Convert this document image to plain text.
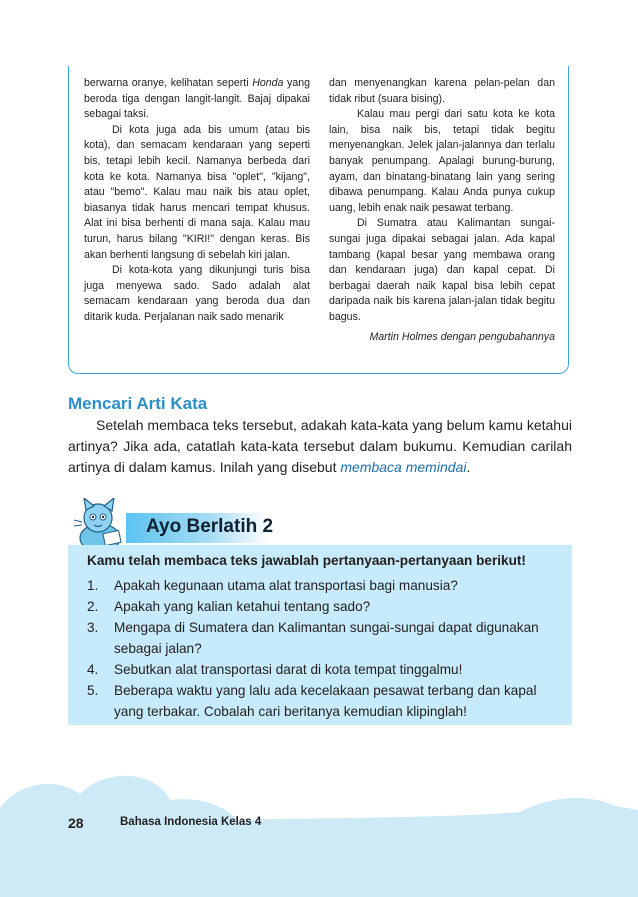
berwarna oranye, kelihatan seperti Honda yang beroda tiga dengan langit-langit. Bajaj dipakai sebagai taksi.

Di kota juga ada bis umum (atau bis kota), dan semacam kendaraan yang seperti bis, tetapi lebih kecil. Namanya berbeda dari kota ke kota. Namanya bisa "oplet", "kijang", atau "bemo". Kalau mau naik bis atau oplet, biasanya tidak harus mencari tempat khusus. Alat ini bisa berhenti di mana saja. Kalau mau turun, harus bilang "KIRI!" dengan keras. Bis akan berhenti langsung di sebelah kiri jalan.

Di kota-kota yang dikunjungi turis bisa juga menyewa sado. Sado adalah alat semacam kendaraan yang beroda dua dan ditarik kuda. Perjalanan naik sado menarik

dan menyenangkan karena pelan-pelan dan tidak ribut (suara bising).

Kalau mau pergi dari satu kota ke kota lain, bisa naik bis, tetapi tidak begitu menyenangkan. Jelek jalan-jalannya dan terlalu banyak penumpang. Apalagi burung-burung, ayam, dan binatang-binatang lain yang sering dibawa penumpang. Kalau Anda punya cukup uang, lebih enak naik pesawat terbang.

Di Sumatra atau Kalimantan sungai-sungai juga dipakai sebagai jalan. Ada kapal tambang (kapal besar yang membawa orang dan kendaraan juga) dan kapal cepat. Di berbagai daerah naik kapal bisa lebih cepat daripada naik bis karena jalan-jalan tidak begitu bagus.

Martin Holmes dengan pengubahannya

Mencari Arti Kata

Setelah membaca teks tersebut, adakah kata-kata yang belum kamu ketahui artinya? Jika ada, catatlah kata-kata tersebut dalam bukumu. Kemudian carilah artinya di dalam kamus. Inilah yang disebut membaca memindai.

Ayo Berlatih 2

Kamu telah membaca teks jawablah pertanyaan-pertanyaan berikut!

1.	Apakah kegunaan utama alat transportasi bagi manusia?
2.	Apakah yang kalian ketahui tentang sado?
3.	Mengapa di Sumatera dan Kalimantan sungai-sungai dapat digunakan sebagai jalan?
4.	Sebutkan alat transportasi darat di kota tempat tinggalmu!
5.	Beberapa waktu yang lalu ada kecelakaan pesawat terbang dan kapal yang terbakar. Cobalah cari beritanya kemudian klipinglah!

28	Bahasa Indonesia Kelas 4
